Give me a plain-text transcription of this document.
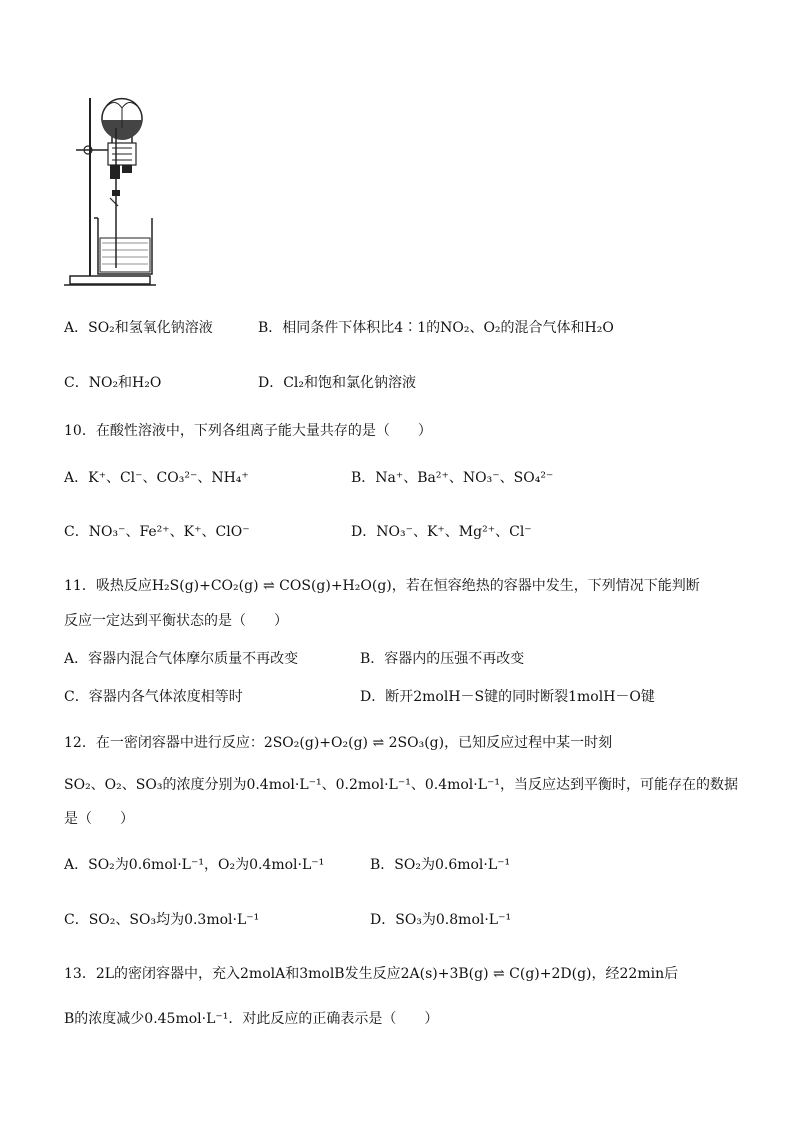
A．SO₂和氢氧化钠溶液	B．相同条件下体积比4∶1的NO₂、O₂的混合气体和H₂O
C．NO₂和H₂O	D．Cl₂和饱和氯化钠溶液
10．在酸性溶液中，下列各组离子能大量共存的是（　　）
A．K⁺、Cl⁻、CO₃²⁻、NH₄⁺	B．Na⁺、Ba²⁺、NO₃⁻、SO₄²⁻
C．NO₃⁻、Fe²⁺、K⁺、ClO⁻	D．NO₃⁻、K⁺、Mg²⁺、Cl⁻
11．吸热反应H₂S(g)+CO₂(g) ⇌ COS(g)+H₂O(g)，若在恒容绝热的容器中发生，下列情况下能判断
反应一定达到平衡状态的是（　　）
A．容器内混合气体摩尔质量不再改变	B．容器内的压强不再改变
C．容器内各气体浓度相等时	D．断开2molH－S键的同时断裂1molH－O键
12．在一密闭容器中进行反应：2SO₂(g)+O₂(g) ⇌ 2SO₃(g)，已知反应过程中某一时刻
SO₂、O₂、SO₃的浓度分别为0.4mol·L⁻¹、0.2mol·L⁻¹、0.4mol·L⁻¹，当反应达到平衡时，可能存在的数据
是（　　）
A．SO₂为0.6mol·L⁻¹，O₂为0.4mol·L⁻¹	B．SO₂为0.6mol·L⁻¹
C．SO₂、SO₃均为0.3mol·L⁻¹	D．SO₃为0.8mol·L⁻¹
13．2L的密闭容器中，充入2molA和3molB发生反应2A(s)+3B(g) ⇌ C(g)+2D(g)，经22min后
B的浓度减少0.45mol·L⁻¹．对此反应的正确表示是（　　）
